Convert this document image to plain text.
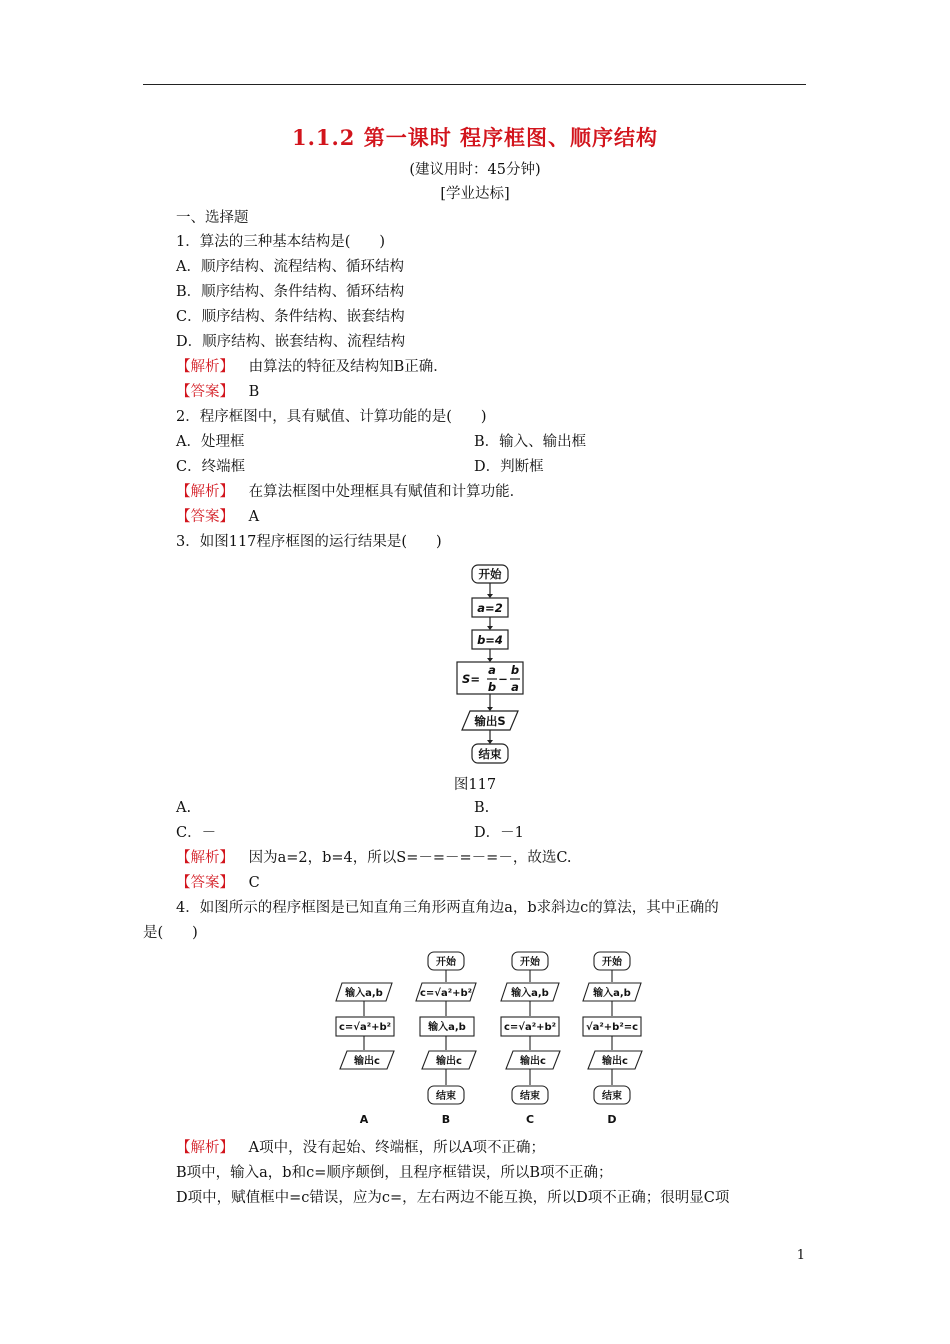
1.1.2 第一课时 程序框图、顺序结构
(建议用时：45分钟)
[学业达标]
一、选择题
1．算法的三种基本结构是(　　)
A．顺序结构、流程结构、循环结构
B．顺序结构、条件结构、循环结构
C．顺序结构、条件结构、嵌套结构
D．顺序结构、嵌套结构、流程结构
【解析】 由算法的特征及结构知B正确．
【答案】 B
2．程序框图中，具有赋值、计算功能的是(　　)
A．处理框	B．输入、输出框
C．终端框	D．判断框
【解析】 在算法框图中处理框具有赋值和计算功能．
【答案】 A
3．如图117程序框图的运行结果是(　　)
开始
a=2
b=4
S=
a
b
−
b
a
输出S
结束
图117
A.	B.
C．－	D．－1
【解析】 因为a=2，b=4，所以S=－=－=－=－，故选C.
【答案】 C
4．如图所示的程序框图是已知直角三角形两直角边a，b求斜边c的算法，其中正确的
是(　　)
输入a,b
c=√a²+b²
输出c
开始
c=√a²+b²
输入a,b
输出c
结束
开始
输入a,b
c=√a²+b²
输出c
结束
开始
输入a,b
√a²+b²=c
输出c
结束
A	B	C	D
【解析】 A项中，没有起始、终端框，所以A项不正确；
B项中，输入a，b和c=顺序颠倒，且程序框错误，所以B项不正确；
D项中，赋值框中=c错误，应为c=，左右两边不能互换，所以D项不正确；很明显C项
1
